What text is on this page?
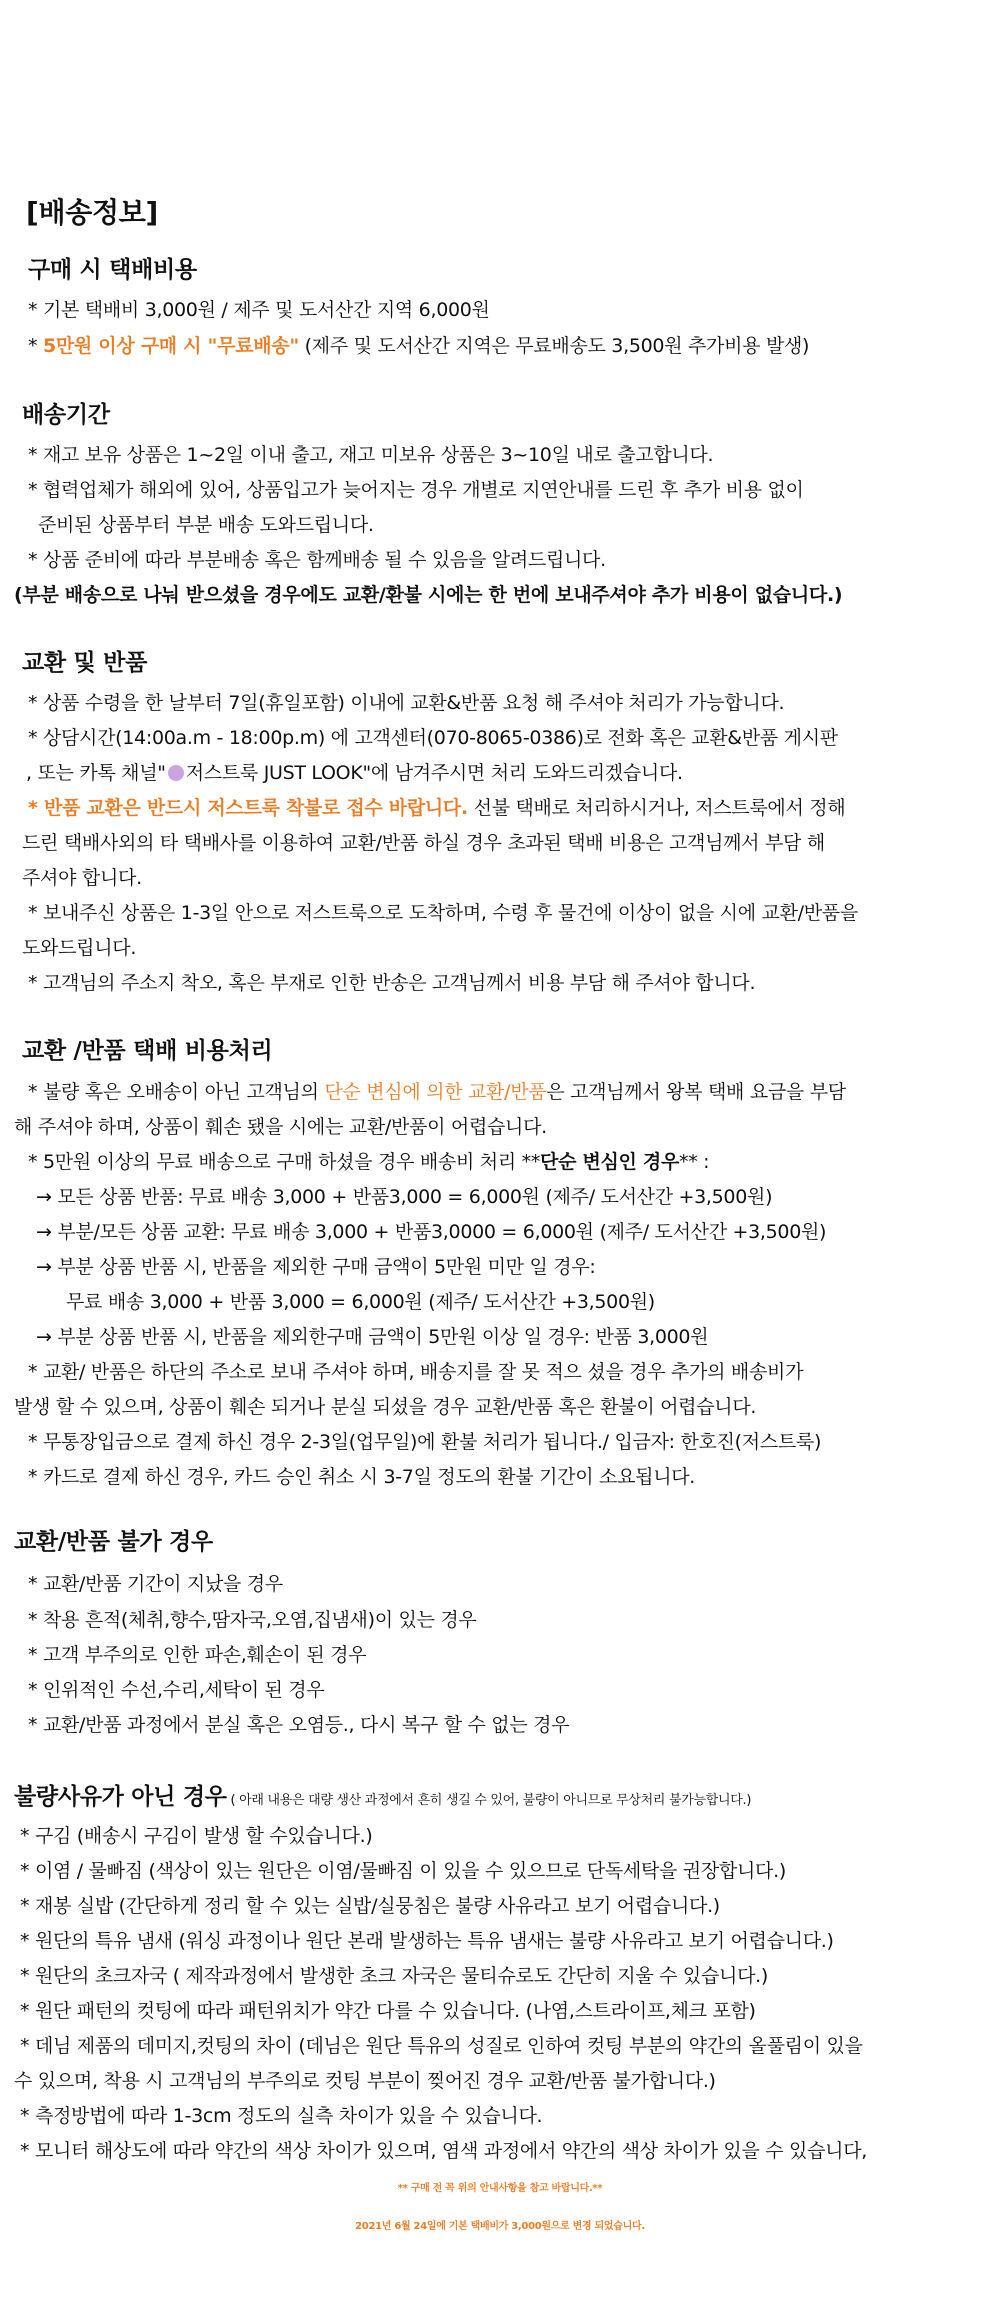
[배송정보]
구매 시 택배비용
* 기본 택배비 3,000원 / 제주 및 도서산간 지역 6,000원
* 5만원 이상 구매 시 "무료배송" (제주 및 도서산간 지역은 무료배송도 3,500원 추가비용 발생)
배송기간
* 재고 보유 상품은 1~2일 이내 출고, 재고 미보유 상품은 3~10일 내로 출고합니다.
* 협력업체가 해외에 있어, 상품입고가 늦어지는 경우 개별로 지연안내를 드린 후 추가 비용 없이
준비된 상품부터 부분 배송 도와드립니다.
* 상품 준비에 따라 부분배송 혹은 함께배송 될 수 있음을 알려드립니다.
(부분 배송으로 나눠 받으셨을 경우에도 교환/환불 시에는 한 번에 보내주셔야 추가 비용이 없습니다.)
교환 및 반품
* 상품 수령을 한 날부터 7일(휴일포함) 이내에 교환&반품 요청 해 주셔야 처리가 가능합니다.
* 상담시간(14:00a.m - 18:00p.m) 에 고객센터(070-8065-0386)로 전화 혹은 교환&반품 게시판
, 또는 카톡 채널" 저스트룩 JUST LOOK"에 남겨주시면 처리 도와드리겠습니다.
* 반품 교환은 반드시 저스트룩 착불로 접수 바랍니다. 선불 택배로 처리하시거나, 저스트룩에서 정해
드린 택배사외의 타 택배사를 이용하여 교환/반품 하실 경우 초과된 택배 비용은 고객님께서 부담 해
주셔야 합니다.
* 보내주신 상품은 1-3일 안으로 저스트룩으로 도착하며, 수령 후 물건에 이상이 없을 시에 교환/반품을
도와드립니다.
* 고객님의 주소지 착오, 혹은 부재로 인한 반송은 고객님께서 비용 부담 해 주셔야 합니다.
교환 /반품 택배 비용처리
* 불량 혹은 오배송이 아닌 고객님의 단순 변심에 의한 교환/반품은 고객님께서 왕복 택배 요금을 부담
해 주셔야 하며, 상품이 훼손 됐을 시에는 교환/반품이 어렵습니다.
* 5만원 이상의 무료 배송으로 구매 하셨을 경우 배송비 처리 **단순 변심인 경우** :
→ 모든 상품 반품: 무료 배송 3,000 + 반품3,000 = 6,000원 (제주/ 도서산간 +3,500원)
→ 부분/모든 상품 교환: 무료 배송 3,000 + 반품3,0000 = 6,000원 (제주/ 도서산간 +3,500원)
→ 부분 상품 반품 시, 반품을 제외한 구매 금액이 5만원 미만 일 경우:
무료 배송 3,000 + 반품 3,000 = 6,000원 (제주/ 도서산간 +3,500원)
→ 부분 상품 반품 시, 반품을 제외한구매 금액이 5만원 이상 일 경우: 반품 3,000원
* 교환/ 반품은 하단의 주소로 보내 주셔야 하며, 배송지를 잘 못 적으 셨을 경우 추가의 배송비가
발생 할 수 있으며, 상품이 훼손 되거나 분실 되셨을 경우 교환/반품 혹은 환불이 어렵습니다.
* 무통장입금으로 결제 하신 경우 2-3일(업무일)에 환불 처리가 됩니다./ 입금자: 한호진(저스트룩)
* 카드로 결제 하신 경우, 카드 승인 취소 시 3-7일 정도의 환불 기간이 소요됩니다.
교환/반품 불가 경우
* 교환/반품 기간이 지났을 경우
* 착용 흔적(체취,향수,땀자국,오염,집냄새)이 있는 경우
* 고객 부주의로 인한 파손,훼손이 된 경우
* 인위적인 수선,수리,세탁이 된 경우
* 교환/반품 과정에서 분실 혹은 오염등., 다시 복구 할 수 없는 경우
불량사유가 아닌 경우 ( 아래 내용은 대량 생산 과정에서 흔히 생길 수 있어, 불량이 아니므로 무상처리 불가능합니다.)
* 구김 (배송시 구김이 발생 할 수있습니다.)
* 이염 / 물빠짐 (색상이 있는 원단은 이염/물빠짐 이 있을 수 있으므로 단독세탁을 권장합니다.)
* 재봉 실밥 (간단하게 정리 할 수 있는 실밥/실뭉침은 불량 사유라고 보기 어렵습니다.)
* 원단의 특유 냄새 (워싱 과정이나 원단 본래 발생하는 특유 냄새는 불량 사유라고 보기 어렵습니다.)
* 원단의 초크자국 ( 제작과정에서 발생한 초크 자국은 물티슈로도 간단히 지울 수 있습니다.)
* 원단 패턴의 컷팅에 따라 패턴위치가 약간 다를 수 있습니다. (나염,스트라이프,체크 포함)
* 데님 제품의 데미지,컷팅의 차이 (데님은 원단 특유의 성질로 인하여 컷팅 부분의 약간의 올풀림이 있을
수 있으며, 착용 시 고객님의 부주의로 컷팅 부분이 찢어진 경우 교환/반품 불가합니다.)
* 측정방법에 따라 1-3cm 정도의 실측 차이가 있을 수 있습니다.
* 모니터 해상도에 따라 약간의 색상 차이가 있으며, 염색 과정에서 약간의 색상 차이가 있을 수 있습니다,
** 구매 전 꼭 위의 안내사항을 참고 바랍니다.**
2021년 6월 24일에 기본 택배비가 3,000원으로 변경 되었습니다.
